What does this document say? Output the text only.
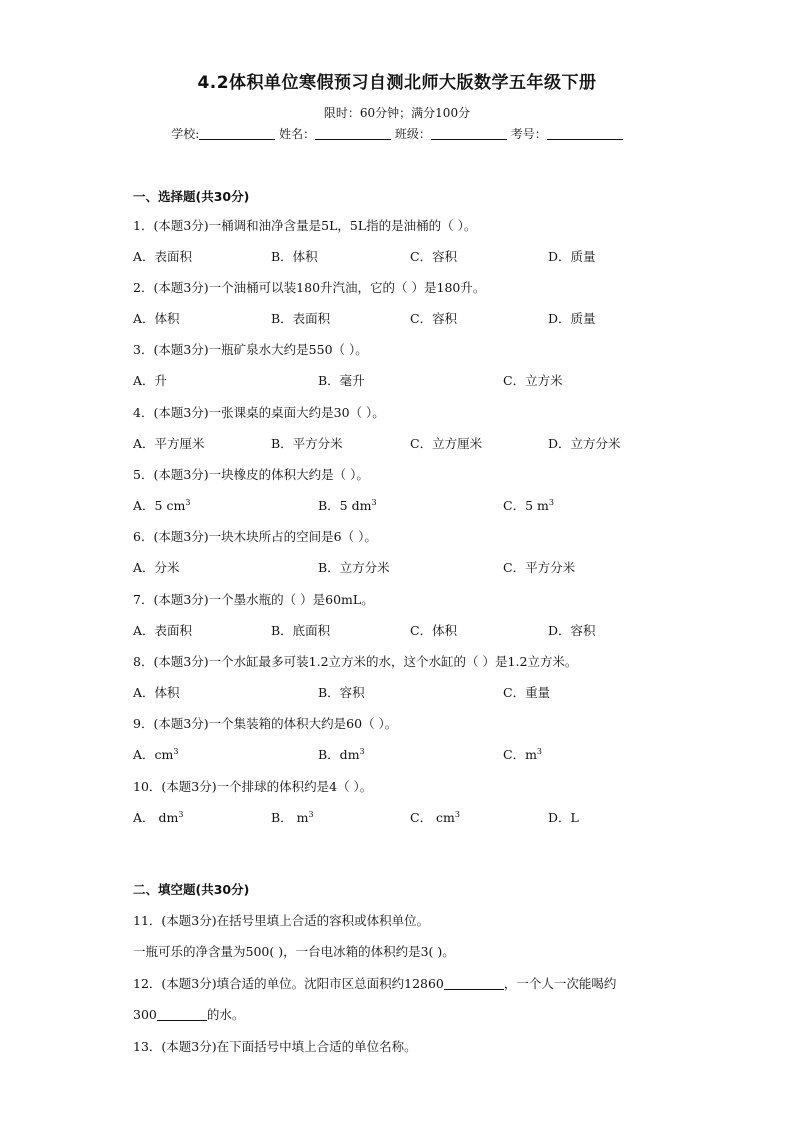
4.2体积单位寒假预习自测北师大版数学五年级下册
限时：60分钟；满分100分
学校:	姓名：	班级：	考号：
一、选择题(共30分)
1．(本题3分)一桶调和油净含量是5L，5L指的是油桶的（ ）。
A．表面积	B．体积	C．容积	D．质量
2．(本题3分)一个油桶可以装180升汽油，它的（ ）是180升。
A．体积	B．表面积	C．容积	D．质量
3．(本题3分)一瓶矿泉水大约是550（ ）。
A．升	B．毫升	C．立方米
4．(本题3分)一张课桌的桌面大约是30（ ）。
A．平方厘米	B．平方分米	C．立方厘米	D．立方分米
5．(本题3分)一块橡皮的体积大约是（ ）。
A．5 $cm^3$	B．5 $dm^3$	C．5 $m^3$
6．(本题3分)一块木块所占的空间是6（ ）。
A．分米	B．立方分米	C．平方分米
7．(本题3分)一个墨水瓶的（ ）是60mL。
A．表面积	B．底面积	C．体积	D．容积
8．(本题3分)一个水缸最多可装1.2立方米的水，这个水缸的（ ）是1.2立方米。
A．体积	B．容积	C．重量
9．(本题3分)一个集装箱的体积大约是60（ ）。
A．$cm^3$	B．$dm^3$	C．$m^3$
10．(本题3分)一个排球的体积约是4（ ）。
A． $dm^3$	B． $m^3$	C． $cm^3$	D．L
二、填空题(共30分)
11．(本题3分)在括号里填上合适的容积或体积单位。
一瓶可乐的净含量为500( )，一台电冰箱的体积约是3( )。
12．(本题3分)填合适的单位。沈阳市区总面积约12860	，一个人一次能喝约
300	的水。
13．(本题3分)在下面括号中填上合适的单位名称。
